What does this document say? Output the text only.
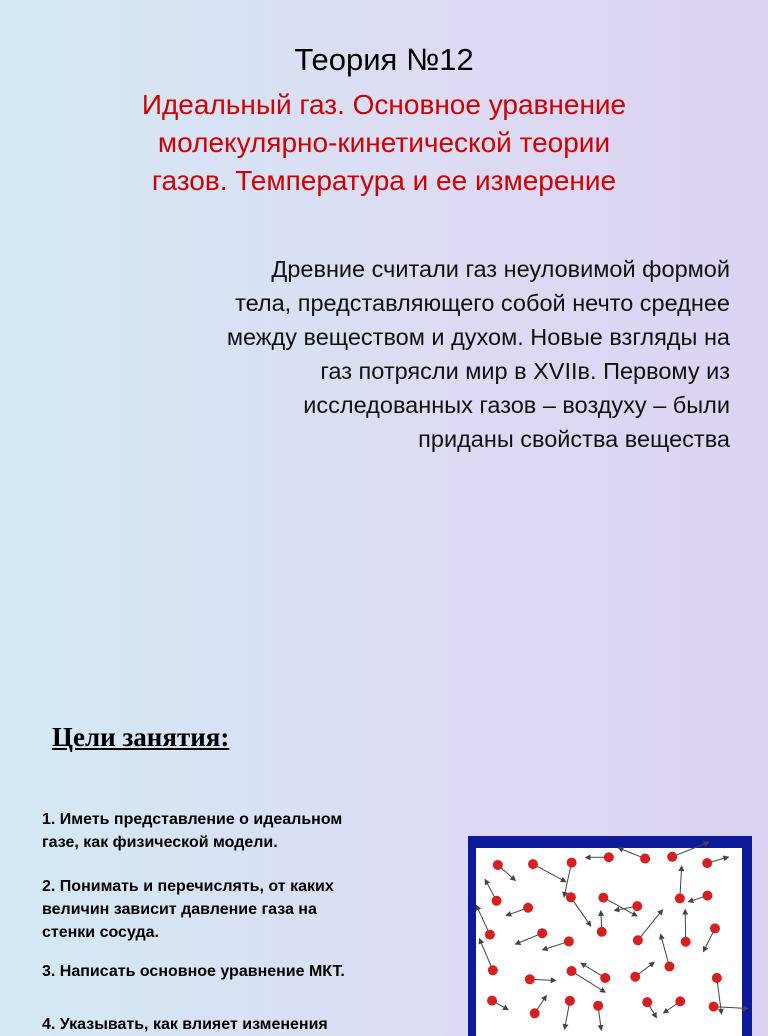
Теория №12
Идеальный газ. Основное уравнение
молекулярно-кинетической теории
газов. Температура и ее измерение
Древние считали газ неуловимой формой
тела, представляющего собой нечто среднее
между веществом и духом. Новые взгляды на
газ потрясли мир в XVIIв. Первому из
исследованных газов – воздуху – были
приданы свойства вещества
Цели занятия:
1. Иметь представление о идеальном
газе, как физической модели.
2. Понимать и перечислять, от каких
величин зависит давление газа на
стенки сосуда.
3. Написать основное уравнение МКТ.
4. Указывать, как влияет изменения
